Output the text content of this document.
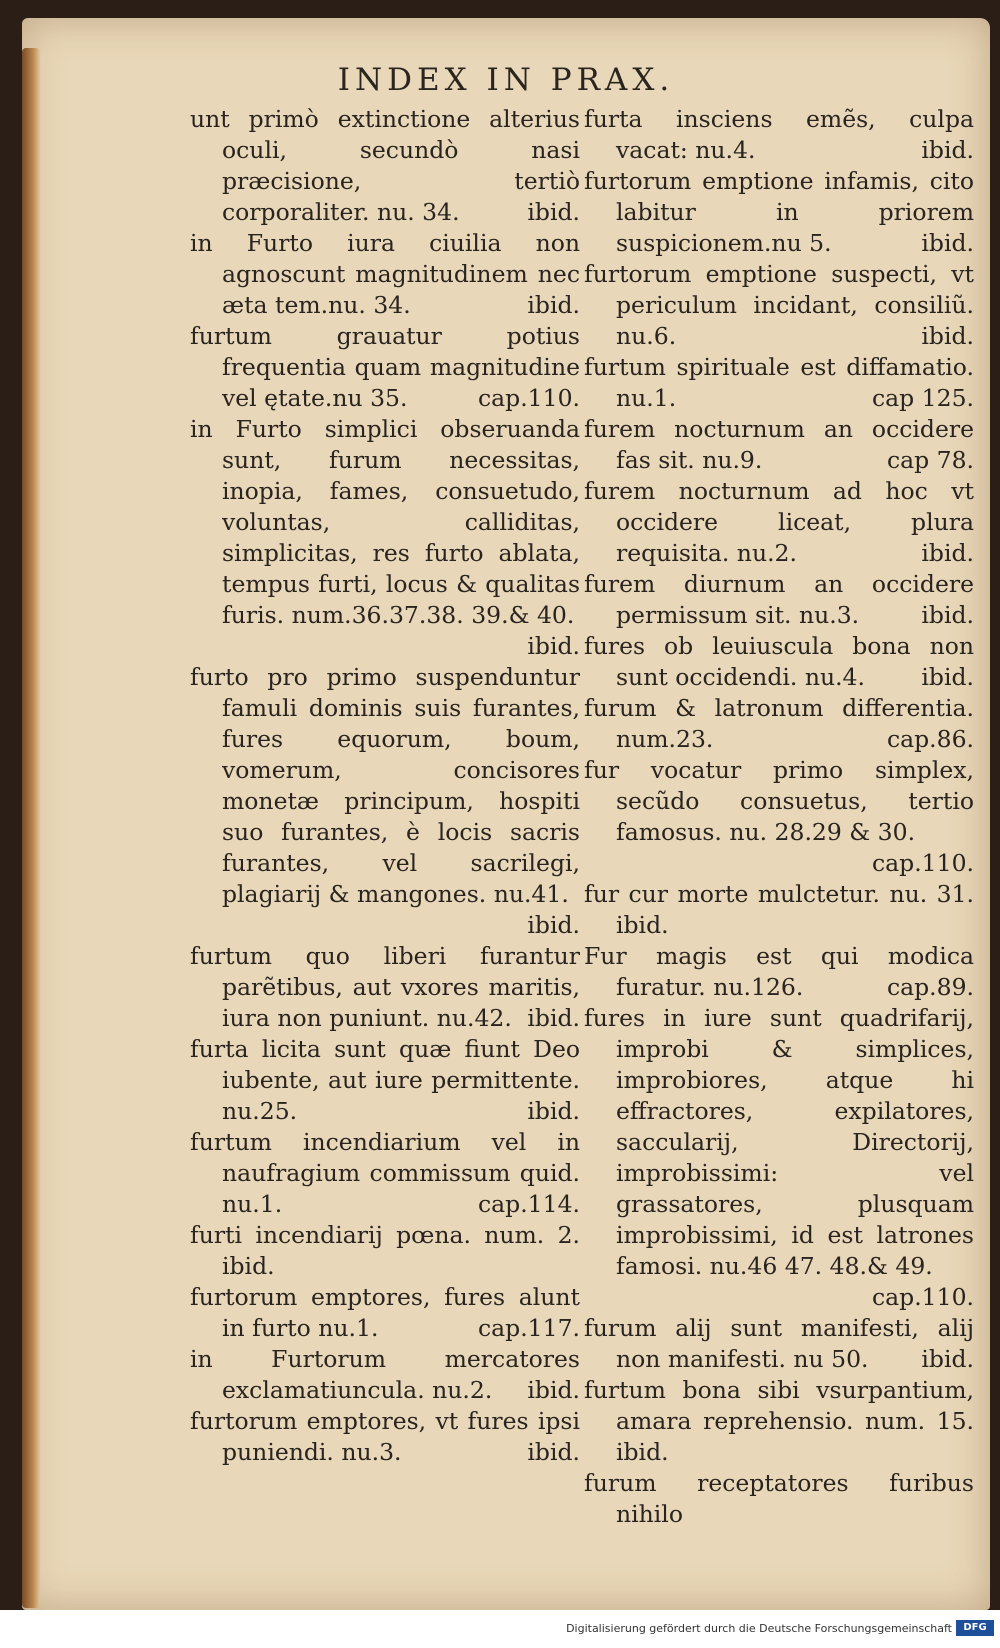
INDEX IN PRAX.
unt primò extinctione alterius oculi, secundò nasi præcisione, tertiò corporaliter. nu. 34.	ibid.
in Furto iura ciuilia non agnoscunt magnitudinem nec æta tem.nu. 34.	ibid.
furtum grauatur potius frequentia quam magnitudine vel ętate.nu 35.	cap.110.
in Furto simplici obseruanda sunt, furum necessitas, inopia, fames, consuetudo, voluntas, calliditas, simplicitas, res furto ablata, tempus furti, locus & qualitas furis. num.36.37.38. 39.& 40.
ibid.
furto pro primo suspenduntur famuli dominis suis furantes, fures equorum, boum, vomerum, concisores monetæ principum, hospiti suo furantes, è locis sacris furantes, vel sacrilegi, plagiarij & mangones. nu.41.
ibid.
furtum quo liberi furantur parẽtibus, aut vxores maritis, iura non puniunt. nu.42. ibid.
furta licita sunt quæ fiunt Deo iubente, aut iure permittente. nu.25.	ibid.
furtum incendiarium vel in naufragium commissum quid. nu.1.	cap.114.
furti incendiarij pœna. num. 2. ibid.
furtorum emptores, fures alunt in furto nu.1.	cap.117.
in Furtorum mercatores exclamatiuncula. nu.2. ibid.
furtorum emptores, vt fures ipsi puniendi. nu.3.	ibid.
furta insciens emẽs, culpa vacat: nu.4.	ibid.
furtorum emptione infamis, cito labitur in priorem suspicionem.nu 5.	ibid.
furtorum emptione suspecti, vt periculum incidant, consiliũ. nu.6.	ibid.
furtum spirituale est diffamatio. nu.1.	cap 125.
furem nocturnum an occidere fas sit. nu.9.	cap 78.
furem nocturnum ad hoc vt occidere liceat, plura requisita. nu.2.	ibid.
furem diurnum an occidere permissum sit. nu.3.	ibid.
fures ob leuiuscula bona non sunt occidendi. nu.4. ibid.
furum & latronum differentia. num.23.	cap.86.
fur vocatur primo simplex, secũdo consuetus, tertio famosus. nu. 28.29 & 30.
cap.110.
fur cur morte mulctetur. nu. 31. ibid.
Fur magis est qui modica furatur. nu.126.	cap.89.
fures in iure sunt quadrifarij, improbi & simplices, improbiores, atque hi effractores, expilatores, saccularij, Directorij, improbissimi: vel grassatores, plusquam improbissimi, id est latrones famosi. nu.46 47. 48.& 49.
cap.110.
furum alij sunt manifesti, alij non manifesti. nu 50. ibid.
furtum bona sibi vsurpantium, amara reprehensio. num. 15. ibid.
furum receptatores furibus nihilo
Digitalisierung gefördert durch die Deutsche Forschungsgemeinschaft	DFG
